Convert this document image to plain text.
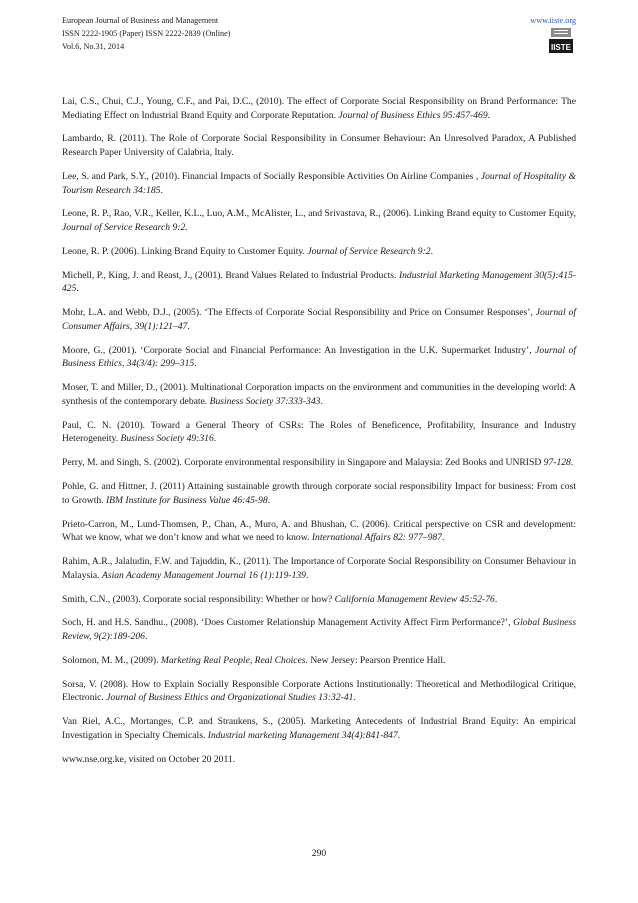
European Journal of Business and Management
ISSN 2222-1905 (Paper) ISSN 2222-2839 (Online)
Vol.6, No.31, 2014
www.iiste.org
IISTE

Lai, C.S., Chui, C.J., Young, C.F., and Pai, D.C., (2010). The effect of Corporate Social Responsibility on Brand Performance: The Mediating Effect on Industrial Brand Equity and Corporate Reputation. Journal of Business Ethics 95:457-469.

Lambardo, R. (2011). The Role of Corporate Social Responsibility in Consumer Behaviour: An Unresolved Paradox, A Published Research Paper University of Calabria, Italy.

Lee, S. and Park, S.Y., (2010). Financial Impacts of Socially Responsible Activities On Airline Companies , Journal of Hospitality & Tourism Research 34:185.

Leone, R. P., Rao, V.R., Keller, K.L., Luo, A.M., McAlister, L., and Srivastava, R., (2006). Linking Brand equity to Customer Equity, Journal of Service Research 9:2.

Leone, R. P. (2006). Linking Brand Equity to Customer Equity. Journal of Service Research 9:2.

Michell, P., King, J. and Reast, J., (2001). Brand Values Related to Industrial Products. Industrial Marketing Management 30(5):415-425.

Mohr, L.A. and Webb, D.J., (2005). ‘The Effects of Corporate Social Responsibility and Price on Consumer Responses’, Journal of Consumer Affairs, 39(1):121–47.

Moore, G., (2001). ‘Corporate Social and Financial Performance: An Investigation in the U.K. Supermarket Industry’, Journal of Business Ethics, 34(3/4): 299–315.

Moser, T. and Miller, D., (2001). Multinational Corporation impacts on the environment and communities in the developing world: A synthesis of the contemporary debate. Business Society 37:333-343.

Paul, C. N. (2010). Toward a General Theory of CSRs: The Roles of Beneficence, Profitability, Insurance and Industry Heterogeneity. Business Society 49:316.

Perry, M. and Singh, S. (2002). Corporate environmental responsibility in Singapore and Malaysia: Zed Books and UNRISD 97-128.

Pohle, G. and Hittner, J. (2011) Attaining sustainable growth through corporate social responsibility Impact for business: From cost to Growth. IBM Institute for Business Value 46:45-98.

Prieto-Carron, M., Lund-Thomsen, P., Chan, A., Muro, A. and Bhushan, C. (2006). Critical perspective on CSR and development: What we know, what we don’t know and what we need to know. International Affairs 82: 977–987.

Rahim, A.R., Jalaludin, F.W. and Tajuddin, K., (2011). The Importance of Corporate Social Responsibility on Consumer Behaviour in Malaysia. Asian Academy Management Journal 16 (1):119-139.

Smith, C.N., (2003). Corporate social responsibility: Whether or how? California Management Review 45:52-76.

Soch, H. and H.S. Sandhu., (2008). ‘Does Customer Relationship Management Activity Affect Firm Performance?’, Global Business Review, 9(2):189-206.

Solomon, M. M., (2009). Marketing Real People, Real Choices. New Jersey: Pearson Prentice Hall.

Sorsa, V. (2008). How to Explain Socially Responsible Corporate Actions Institutionally: Theoretical and Methodilogical Critique, Electronic. Journal of Business Ethics and Organizational Studies 13:32-41.

Van Riel, A.C., Mortanges, C.P. and Straukens, S., (2005). Marketing Antecedents of Industrial Brand Equity: An empirical Investigation in Specialty Chemicals. Industrial marketing Management 34(4):841-847.

www.nse.org.ke, visited on October 20 2011.

290
